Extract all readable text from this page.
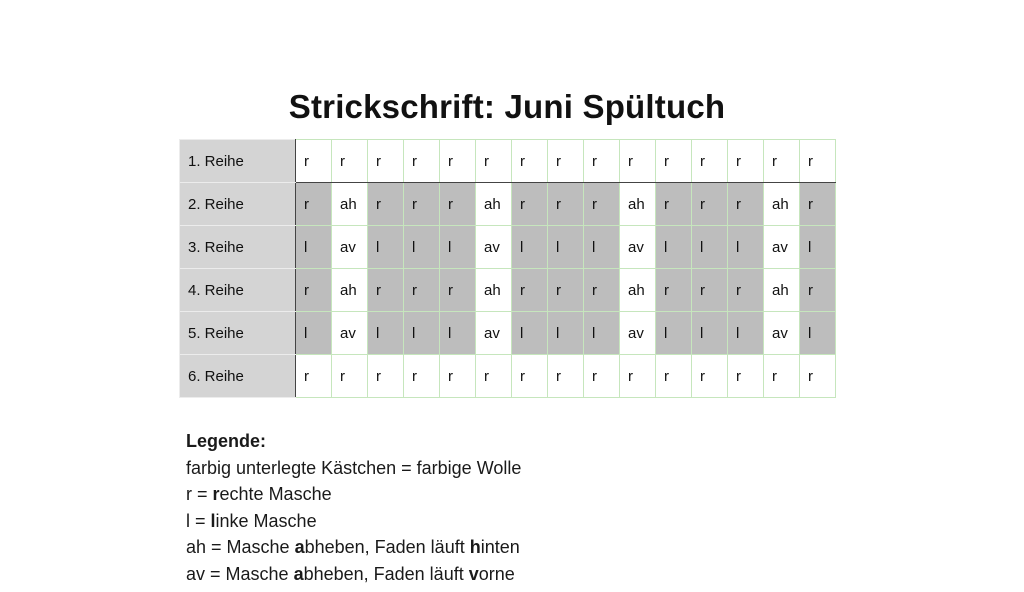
Strickschrift: Juni Spültuch
1. Reihe	r	r	r	r	r	r	r	r	r	r	r	r	r	r	r
2. Reihe	r	ah	r	r	r	ah	r	r	r	ah	r	r	r	ah	r
3. Reihe	l	av	l	l	l	av	l	l	l	av	l	l	l	av	l
4. Reihe	r	ah	r	r	r	ah	r	r	r	ah	r	r	r	ah	r
5. Reihe	l	av	l	l	l	av	l	l	l	av	l	l	l	av	l
6. Reihe	r	r	r	r	r	r	r	r	r	r	r	r	r	r	r
Legende:
farbig unterlegte Kästchen = farbige Wolle
r = rechte Masche
l = linke Masche
ah = Masche abheben, Faden läuft hinten
av = Masche abheben, Faden läuft vorne
